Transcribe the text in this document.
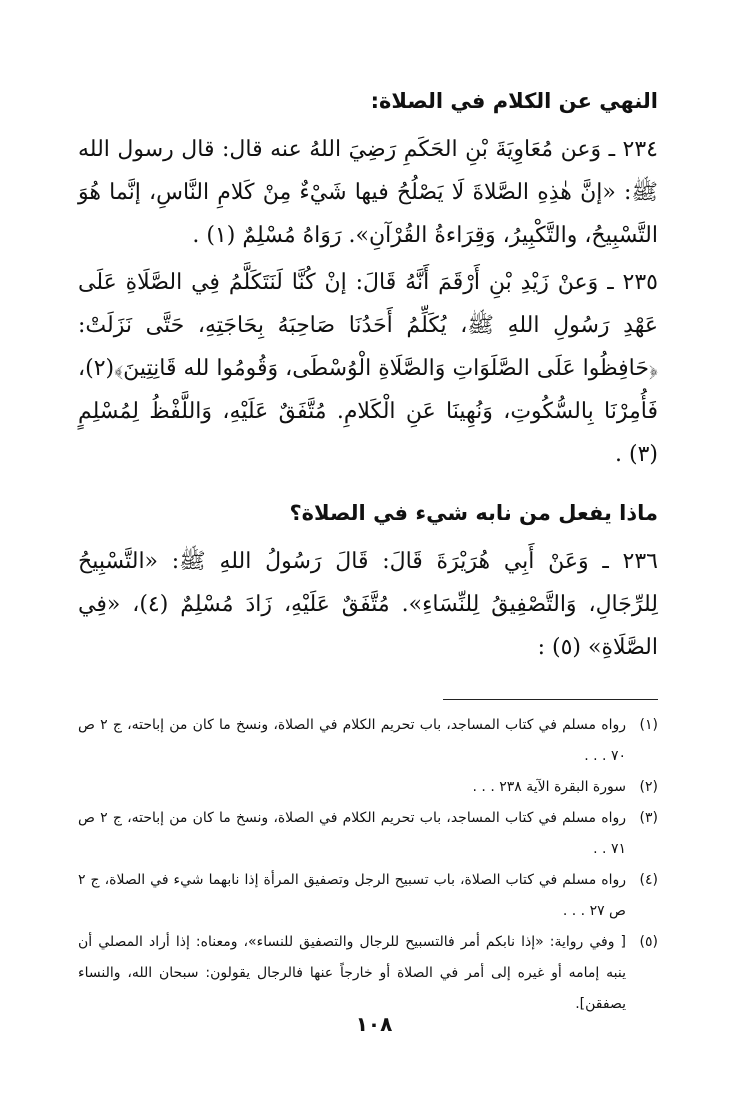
النهي عن الكلام في الصلاة:

٢٣٤ ـ وَعن مُعَاوِيَةَ بْنِ الحَكَمِ رَضِيَ اللهُ عنه قال: قال رسول الله ﷺ: «إنَّ هٰذِهِ الصَّلاةَ لَا يَصْلُحُ فيها شَيْءٌ مِنْ كَلامِ النَّاسِ، إنَّما هُوَ التَّسْبِيحُ، والتَّكْبِيرُ، وَقِرَاءةُ القُرْآنِ». رَوَاهُ مُسْلِمٌ (١) .

٢٣٥ ـ وَعنْ زَيْدِ بْنِ أَرْقَمَ أَنَّهُ قَالَ: إنْ كُنَّا لَنَتَكَلَّمُ فِي الصَّلَاةِ عَلَى عَهْدِ رَسُولِ اللهِ ﷺ، يُكَلِّمُ أَحَدُنَا صَاحِبَهُ بِحَاجَتِهِ، حَتَّى نَزَلَتْ: ﴿حَافِظُوا عَلَى الصَّلَوَاتِ وَالصَّلَاةِ الْوُسْطَى، وَقُومُوا لله قَانِتِينَ﴾(٢)، فَأُمِرْنَا بِالسُّكُوتِ، وَنُهِينَا عَنِ الْكَلامِ. مُتَّفَقٌ عَلَيْهِ، وَاللَّفْظُ لِمُسْلِمٍ (٣) .

ماذا يفعل من نابه شيء في الصلاة؟

٢٣٦ ـ وَعَنْ أَبِي هُرَيْرَةَ قَالَ: قَالَ رَسُولُ اللهِ ﷺ: «التَّسْبِيحُ لِلرِّجَالِ، وَالتَّصْفِيقُ لِلنِّسَاءِ». مُتَّفَقٌ عَلَيْهِ، زَادَ مُسْلِمٌ (٤)، «فِي الصَّلَاةِ» (٥) :

(١)
رواه مسلم في كتاب المساجد، باب تحريم الكلام في الصلاة، ونسخ ما كان من إباحته، ج ٢ ص ٧٠ . . .
(٢)
سورة البقرة الآية ٢٣٨ . . .
(٣)
رواه مسلم في كتاب المساجد، باب تحريم الكلام في الصلاة، ونسخ ما كان من إباحته، ج ٢ ص ٧١ . .
(٤)
رواه مسلم في كتاب الصلاة، باب تسبيح الرجل وتصفيق المرأة إذا نابهما شيء في الصلاة، ج ٢ ص ٢٧ . . .
(٥)
[ وفي رواية: «إذا نابكم أمر فالتسبيح للرجال والتصفيق للنساء»، ومعناه: إذا أراد المصلي أن ينبه إمامه أو غيره إلى أمر في الصلاة أو خارجاً عنها فالرجال يقولون: سبحان الله، والنساء يصفقن].
١٠٨
